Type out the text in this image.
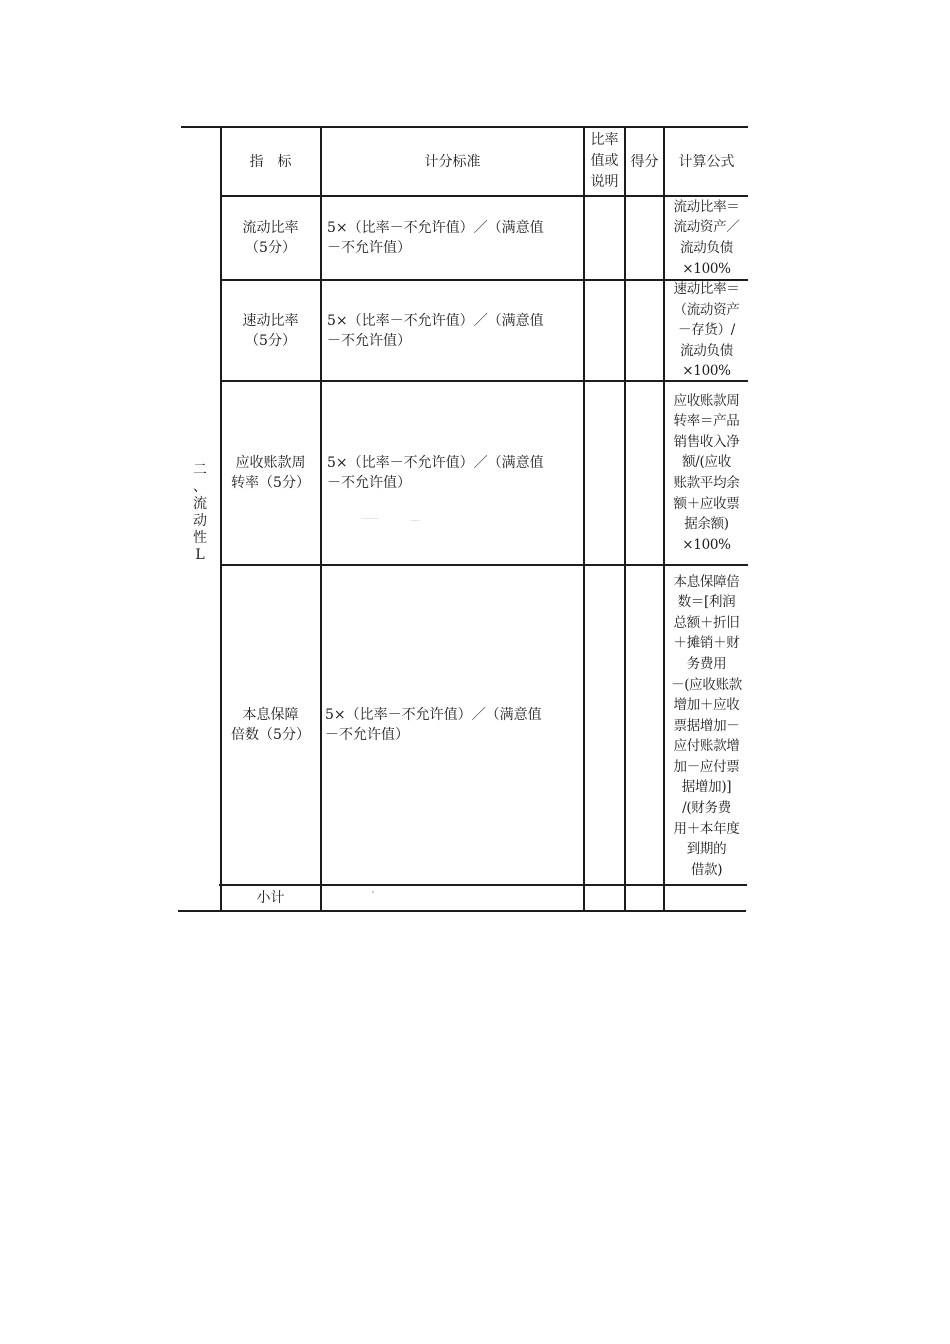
二
、
流
动
性
L
指　标	计分标准
比率
值或
说明
得分 计算公式
流动比率
（5分）
5×（比率－不允许值）／（满意值
－不允许值）
流动比率＝
流动资产／
流动负债
×100%
速动比率
（5分）
5×（比率－不允许值）／（满意值
－不允许值）
速动比率＝
（流动资产
－存货）/
流动负债
×100%
应收账款周
转率（5分）
5×（比率－不允许值）／（满意值
－不允许值）
应收账款周
转率＝产品
销售收入净
额/(应收
账款平均余
额＋应收票
据余额)
×100%
本息保障
倍数（5分）
5×（比率－不允许值）／（满意值
－不允许值）
本息保障倍
数＝[利润
总额＋折旧
＋摊销＋财
务费用
－(应收账款
增加＋应收
票据增加－
应付账款增
加－应付票
据增加)]
/(财务费
用＋本年度
到期的
借款)
小计
